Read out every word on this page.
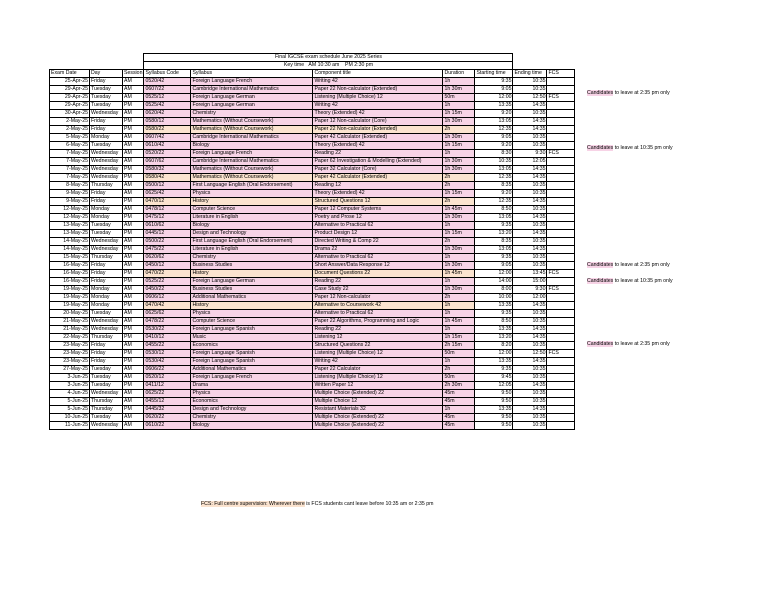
			Final IGCSE exam schedule June 2025 Series						
			Key time AM 10:30 am PM 2:30 pm						
Exam Date	Day	Session	Syllabus Code	Syllabus	Component title	Duration	Starting time	Ending time	FCS
25-Apr-25	Friday	AM	0520/42	Foreign Language French	Writing 42	1h	9:35	10:35	
29-Apr-25	Tuesday	AM	0607/22	Cambridge International Mathematics	Paper 22 Non-calculator (Extended)	1h 30m	9:05	10:35	
29-Apr-25	Tuesday	AM	0525/12	Foreign Language German	Listening (Multiple Choice) 12	50m	12:00	12:50	FCS
29-Apr-25	Tuesday	PM	0525/42	Foreign Language German	Writing 42	1h	13:35	14:35	
30-Apr-25	Wednesday	AM	0620/42	Chemistry	Theory (Extended) 42	1h 15m	9:20	10:35	
2-May-25	Friday	PM	0580/12	Mathematics (Without Coursework)	Paper 12 Non-calculator (Core)	1h 30m	13:05	14:35	
2-May-25	Friday	PM	0580/22	Mathematics (Without Coursework)	Paper 22 Non-calculator (Extended)	2h	12:35	14:35	
5-May-25	Monday	AM	0607/42	Cambridge International Mathematics	Paper 42 Calculator (Extended)	1h 30m	9:05	10:35	
6-May-25	Tuesday	AM	0610/42	Biology	Theory (Extended) 42	1h 15m	9:20	10:35	
7-May-25	Wednesday	AM	0520/22	Foreign Language French	Reading 22	1h	8:30	9:30	FCS
7-May-25	Wednesday	AM	0607/62	Cambridge International Mathematics	Paper 62 Investigation & Modelling (Extended)	1h 30m	10:35	12:05	
7-May-25	Wednesday	PM	0580/32	Mathematics (Without Coursework)	Paper 32 Calculator (Core)	1h 30m	13:05	14:35	
7-May-25	Wednesday	PM	0580/42	Mathematics (Without Coursework)	Paper 42 Calculator (Extended)	2h	12:35	14:35	
8-May-25	Thursday	AM	0500/12	First Language English (Oral Endorsement)	Reading 12	2h	8:35	10:35	
9-May-25	Friday	AM	0625/42	Physics	Theory (Extended) 42	1h 15m	9:20	10:35	
9-May-25	Friday	PM	0470/12	History	Structured Questions 12	2h	12:35	14:35	
12-May-25	Monday	AM	0478/12	Computer Science	Paper 12 Computer Systems	1h 45m	8:50	10:35	
12-May-25	Monday	PM	0475/12	Literature in English	Poetry and Prose 12	1h 30m	13:05	14:35	
13-May-25	Tuesday	AM	0610/62	Biology	Alternative to Practical 62	1h	9:35	10:35	
13-May-25	Tuesday	PM	0445/12	Design and Technology	Product Design 12	1h 15m	13:20	14:35	
14-May-25	Wednesday	AM	0500/22	First Language English (Oral Endorsement)	Directed Writing & Comp 22	2h	8:35	10:35	
14-May-25	Wednesday	PM	0475/22	Literature in English	Drama 22	1h 30m	13:05	14:35	
15-May-25	Thursday	AM	0620/62	Chemistry	Alternative to Practical 62	1h	9:35	10:35	
16-May-25	Friday	AM	0450/12	Business Studies	Short Answer/Data Response 12	1h 30m	9:05	10:35	
16-May-25	Friday	PM	0470/22	History	Document Questions 22	1h 45m	12:00	13:45	FCS
16-May-25	Friday	PM	0525/22	Foreign Language German	Reading 22	1h	14:00	15:00	
19-May-25	Monday	AM	0450/22	Business Studies	Case Study 22	1h 30m	8:00	9:30	FCS
19-May-25	Monday	AM	0606/12	Additional Mathematics	Paper 12 Non-calculator	2h	10:00	12:00	
19-May-25	Monday	PM	0470/42	History	Alternative to Coursework 42	1h	13:35	14:35	
20-May-25	Tuesday	AM	0625/62	Physics	Alternative to Practical 62	1h	9:35	10:35	
21-May-25	Wednesday	AM	0478/22	Computer Science	Paper 22 Algorithms, Programming and Logic	1h 45m	8:50	10:35	
21-May-25	Wednesday	PM	0530/22	Foreign Language Spanish	Reading 22	1h	13:35	14:35	
22-May-25	Thursday	PM	0410/12	Music	Listening 12	1h 15m	13:20	14:35	
23-May-25	Friday	AM	0455/22	Economics	Structured Questions 22	2h 15m	8:20	10:35	
23-May-25	Friday	PM	0530/12	Foreign Language Spanish	Listening (Multiple Choice) 12	50m	12:00	12:50	FCS
23-May-25	Friday	PM	0530/42	Foreign Language Spanish	Writing 42	1h	13:35	14:35	
27-May-25	Tuesday	AM	0606/22	Additional Mathematics	Paper 22 Calculator	2h	9:35	10:35	
3-Jun-25	Tuesday	AM	0520/12	Foreign Language French	Listening (Multiple Choice) 12	50m	9:45	10:35	
3-Jun-25	Tuesday	PM	0411/12	Drama	Written Paper 12	2h 30m	12:05	14:35	
4-Jun-25	Wednesday	AM	0625/22	Physics	Multiple Choice (Extended) 22	45m	9:50	10:35	
5-Jun-25	Thursday	AM	0455/12	Economics	Multiple Choice 12	45m	9:50	10:35	
5-Jun-25	Thursday	PM	0445/32	Design and Technology	Resistant Materials 32	1h	13:35	14:35	
10-Jun-25	Tuesday	AM	0620/22	Chemistry	Multiple Choice (Extended) 22	45m	9:50	10:35	
11-Jun-25	Wednesday	AM	0610/22	Biology	Multiple Choice (Extended) 22	45m	9:50	10:35	
Candidates to leave at 2:35 pm only
Candidates to leave at 10:35 pm only
Candidates to leave at 2:35 pm only
Candidates to leave at 10:35 pm only
Candidates to leave at 2:35 pm only
FCS: Full centre supervision: Wherever there is FCS students cant leave before 10:35 am or 2:35 pm
